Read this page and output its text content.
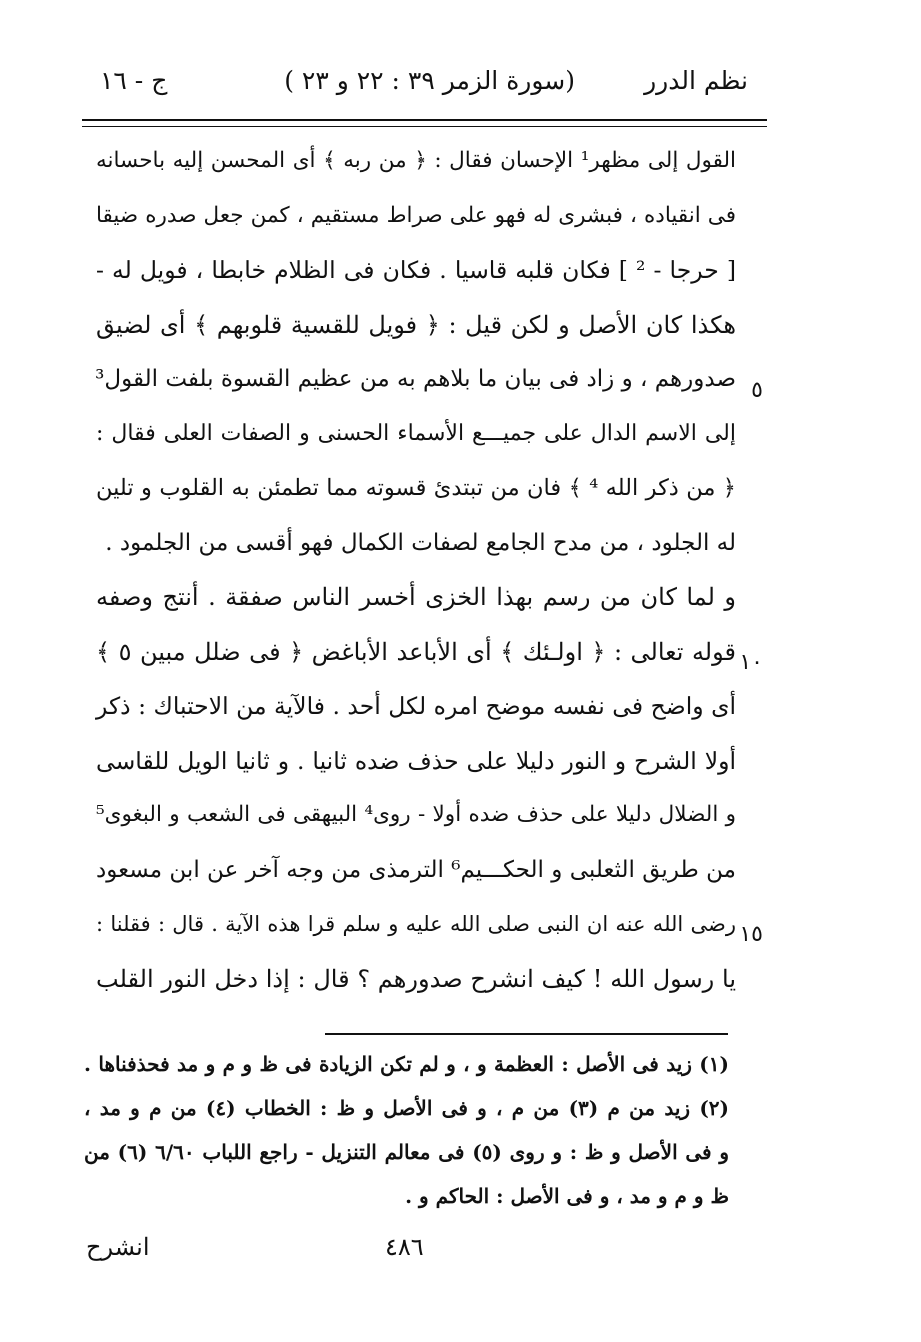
نظم الدرر
(سورة الزمر ٣٩ : ٢٢ و ٢٣ )
ج - ١٦
القول إلى مظهر¹ الإحسان فقال : ﴿ من ربه ﴾ أى المحسن إليه باحسانه
فى انقياده ، فبشرى له فهو على صراط مستقيم ، كمن جعل صدره ضيقا
[ حرجا - ² ] فكان قلبه قاسيا . فكان فى الظلام خابطا ، فويل له -
هكذا كان الأصل و لكن قيل : ﴿ فويل للقسية قلوبهم ﴾ أى لضيق
صدورهم ، و زاد فى بيان ما بلاهم به من عظيم القسوة بلفت القول³
إلى الاسم الدال على جميـــع الأسماء الحسنى و الصفات العلى فقال :
﴿ من ذكر الله ⁴ ﴾ فان من تبتدئ قسوته مما تطمئن به القلوب و تلين
له الجلود ، من مدح الجامع لصفات الكمال فهو أقسى من الجلمود .
و لما كان من رسم بهذا الخزى أخسر الناس صفقة . أنتج وصفه
قوله تعالى : ﴿ اولـئك ﴾ أى الأباعد الأباغض ﴿ فى ضلل مبين ٥ ﴾
أى واضح فى نفسه موضح امره لكل أحد . فالآية من الاحتباك : ذكر
أولا الشرح و النور دليلا على حذف ضده ثانيا . و ثانيا الويل للقاسى
و الضلال دليلا على حذف ضده أولا - روى⁴ البيهقى فى الشعب و البغوى⁵
من طريق الثعلبى و الحكـــيم⁶ الترمذى من وجه آخر عن ابن مسعود
رضى الله عنه ان النبى صلى الله عليه و سلم قرا هذه الآية . قال : فقلنا :
يا رسول الله ! كيف انشرح صدورهم ؟ قال : إذا دخل النور القلب
٥
١٠
١٥
(١) زيد فى الأصل : العظمة و ، و لم تكن الزيادة فى ظ و م و مد فحذفناها .
(٢) زيد من م (٣) من م ، و فى الأصل و ظ : الخطاب (٤) من م و مد ،
و فى الأصل و ظ : و روى (٥) فى معالم التنزيل - راجع اللباب ٦/٦٠ (٦) من
ظ و م و مد ، و فى الأصل : الحاكم و .
٤٨٦
انشرح
